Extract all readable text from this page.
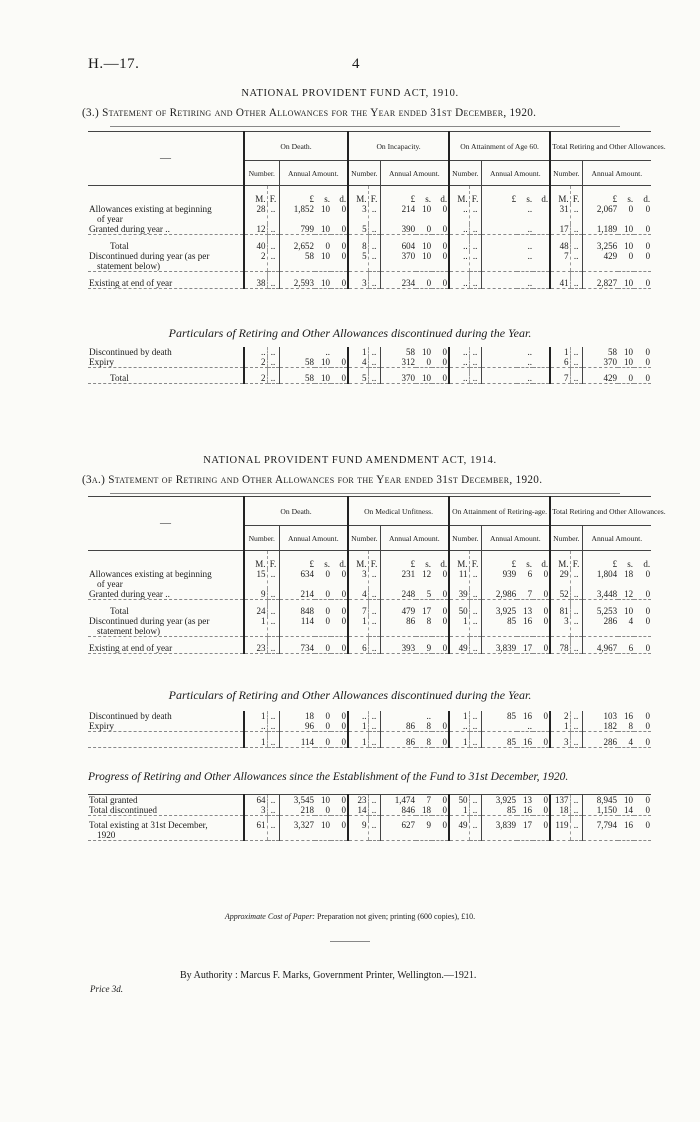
H.—17.	4
NATIONAL PROVIDENT FUND ACT, 1910.
(3.) Statement of Retiring and Other Allowances for the Year ended 31st December, 1920.
—	On Death.					On Incapacity.					On Attainment of Age 60.					Total Retiring and Other Allowances.				
	Number.		Annual Amount.			Number.		Annual Amount.			Number.		Annual Amount.			Number.		Annual Amount.		
	M.	F.	£	s.	d.	M.	F.	£	s.	d.	M.	F.	£	s.	d.	M.	F.	£	s.	d.
Allowances existing at beginning
of year	28	..	1,852	10	0	3	..	214	10	0	..	..		..		31	..	2,067	0	0
Granted during year ..	12	..	799	10	0	5	..	390	0	0	..	..		..		17	..	1,189	10	0

Total	40	..	2,652	0	0	8	..	604	10	0	..	..		..		48	..	3,256	10	0
Discontinued during year (as per
statement below)	2	..	58	10	0	5	..	370	10	0	..	..		..		7	..	429	0	0

Existing at end of year	38	..	2,593	10	0	3	..	234	0	0	..	..		..		41	..	2,827	10	0
Particulars of Retiring and Other Allowances discontinued during the Year.
Discontinued by death	..	..		..		1	..	58	10	0	..	..		..		1	..	58	10	0
Expiry	2	..	58	10	0	4	..	312	0	0	..	..		..		6	..	370	10	0

Total	2	..	58	10	0	5	..	370	10	0	..	..		..		7	..	429	0	0
NATIONAL PROVIDENT FUND AMENDMENT ACT, 1914.
(3a.) Statement of Retiring and Other Allowances for the Year ended 31st December, 1920.
—	On Death.					On Medical Unfitness.					On Attainment of Retiring-age.					Total Retiring and Other Allowances.				
	Number.		Annual Amount.			Number.		Annual Amount.			Number.		Annual Amount.			Number.		Annual Amount.		
	M.	F.	£	s.	d.	M.	F.	£	s.	d.	M.	F.	£	s.	d.	M.	F.	£	s.	d.
Allowances existing at beginning
of year	15	..	634	0	0	3	..	231	12	0	11	..	939	6	0	29	..	1,804	18	0
Granted during year ..	9	..	214	0	0	4	..	248	5	0	39	..	2,986	7	0	52	..	3,448	12	0

Total	24	..	848	0	0	7	..	479	17	0	50	..	3,925	13	0	81	..	5,253	10	0
Discontinued during year (as per
statement below)	1	..	114	0	0	1	..	86	8	0	1	..	85	16	0	3	..	286	4	0

Existing at end of year	23	..	734	0	0	6	..	393	9	0	49	..	3,839	17	0	78	..	4,967	6	0
Particulars of Retiring and Other Allowances discontinued during the Year.
Discontinued by death	1	..	18	0	0	..	..		..		1	..	85	16	0	2	..	103	16	0
Expiry	..	..	96	0	0	1	..	86	8	0	..	..		..		1	..	182	8	0

	1	..	114	0	0	1	..	86	8	0	1	..	85	16	0	3	..	286	4	0
Progress of Retiring and Other Allowances since the Establishment of the Fund to 31st December, 1920.
Total granted	64	..	3,545	10	0	23	..	1,474	7	0	50	..	3,925	13	0	137	..	8,945	10	0
Total discontinued	3	..	218	0	0	14	..	846	18	0	1	..	85	16	0	18	..	1,150	14	0

Total existing at 31st December,
1920	61	..	3,327	10	0	9	..	627	9	0	49	..	3,839	17	0	119	..	7,794	16	0
Approximate Cost of Paper: Preparation not given; printing (600 copies), £10.
By Authority : Marcus F. Marks, Government Printer, Wellington.—1921.
Price 3d.
